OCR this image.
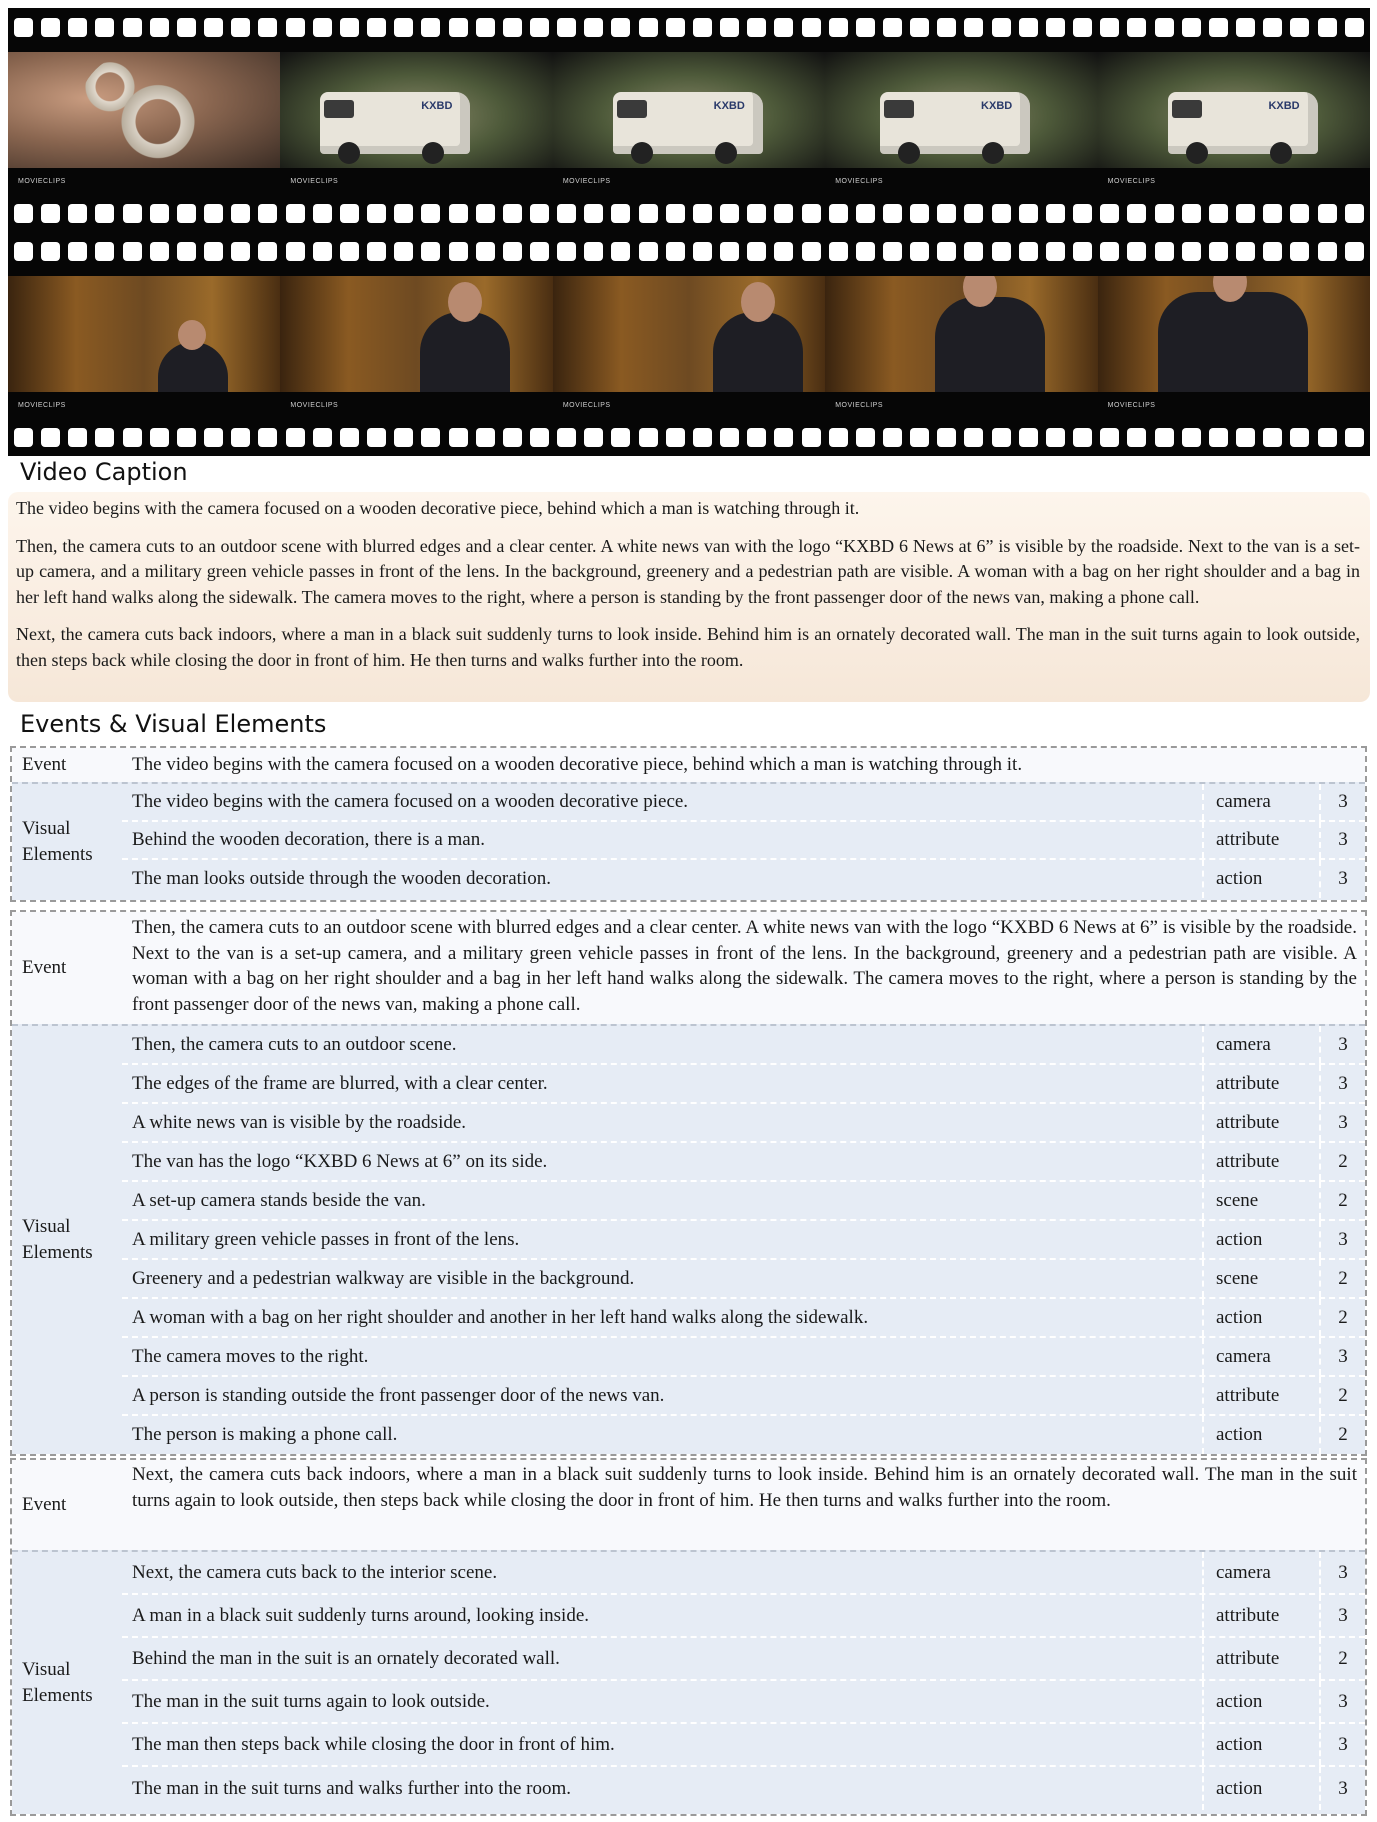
MOVIECLIPS
KXBD
MOVIECLIPS
KXBD
MOVIECLIPS
KXBD
MOVIECLIPS
KXBD
MOVIECLIPS
MOVIECLIPS	MOVIECLIPS	MOVIECLIPS	MOVIECLIPS	MOVIECLIPS
Video Caption

The video begins with the camera focused on a wooden decorative piece, behind which a man is watching through it.

Then, the camera cuts to an outdoor scene with blurred edges and a clear center. A white news van with the logo “KXBD 6 News at 6” is visible by the roadside. Next to the van is a set-up camera, and a military green vehicle passes in front of the lens. In the background, greenery and a pedestrian path are visible. A woman with a bag on her right shoulder and a bag in her left hand walks along the sidewalk. The camera moves to the right, where a person is standing by the front passenger door of the news van, making a phone call.

Next, the camera cuts back indoors, where a man in a black suit suddenly turns to look inside. Behind him is an ornately decorated wall. The man in the suit turns again to look outside, then steps back while closing the door in front of him. He then turns and walks further into the room.

Events & Visual Elements
Event	The video begins with the camera focused on a wooden decorative piece, behind which a man is watching through it.
Visual Elements
The video begins with the camera focused on a wooden decorative piece.	camera	3
Behind the wooden decoration, there is a man.	attribute	3
The man looks outside through the wooden decoration.	action	3
Event
Then, the camera cuts to an outdoor scene with blurred edges and a clear center. A white news van with the logo “KXBD 6 News at 6” is visible by the roadside. Next to the van is a set-up camera, and a military green vehicle passes in front of the lens. In the background, greenery and a pedestrian path are visible. A woman with a bag on her right shoulder and a bag in her left hand walks along the sidewalk. The camera moves to the right, where a person is standing by the front passenger door of the news van, making a phone call.
Visual Elements
Then, the camera cuts to an outdoor scene.	camera	3
The edges of the frame are blurred, with a clear center.	attribute	3
A white news van is visible by the roadside.	attribute	3
The van has the logo “KXBD 6 News at 6” on its side.	attribute	2
A set-up camera stands beside the van.	scene	2
A military green vehicle passes in front of the lens.	action	3
Greenery and a pedestrian walkway are visible in the background.	scene	2
A woman with a bag on her right shoulder and another in her left hand walks along the sidewalk.	action	2
The camera moves to the right.	camera	3
A person is standing outside the front passenger door of the news van.	attribute	2
The person is making a phone call.	action	2
Event
Next, the camera cuts back indoors, where a man in a black suit suddenly turns to look inside. Behind him is an ornately decorated wall. The man in the suit turns again to look outside, then steps back while closing the door in front of him. He then turns and walks further into the room.
Visual Elements
Next, the camera cuts back to the interior scene.	camera	3
A man in a black suit suddenly turns around, looking inside.	attribute	3
Behind the man in the suit is an ornately decorated wall.	attribute	2
The man in the suit turns again to look outside.	action	3
The man then steps back while closing the door in front of him.	action	3
The man in the suit turns and walks further into the room.	action	3
